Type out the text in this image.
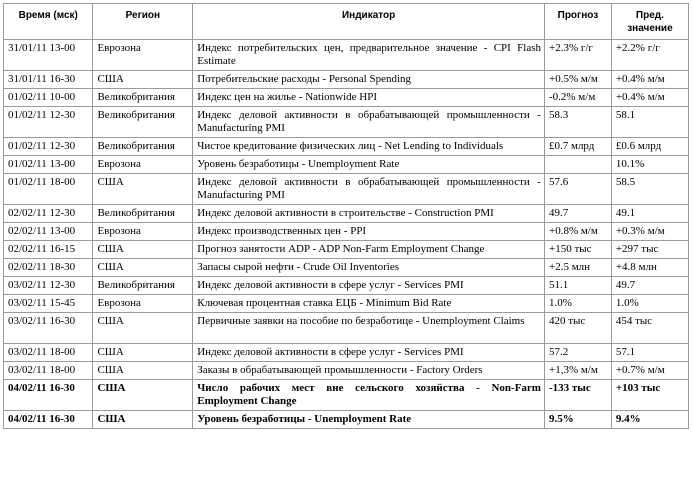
Время (мск)	Регион	Индикатор	Прогноз	Пред. значение
31/01/11 13-00	Еврозона	Индекс потребительских цен, предварительное значение - CPI Flash Estimate	+2.3% г/г	+2.2% г/г
31/01/11 16-30	США	Потребительские расходы - Personal Spending	+0.5% м/м	+0.4% м/м
01/02/11 10-00	Великобритания	Индекс цен на жилье - Nationwide HPI	-0.2% м/м	+0.4% м/м
01/02/11 12-30	Великобритания	Индекс деловой активности в обрабатывающей промышленности - Manufacturing PMI	58.3	58.1
01/02/11 12-30	Великобритания	Чистое кредитование физических лиц - Net Lending to Individuals	£0.7 млрд	£0.6 млрд
01/02/11 13-00	Еврозона	Уровень безработицы - Unemployment Rate		10.1%
01/02/11 18-00	США	Индекс деловой активности в обрабатывающей промышленности - Manufacturing PMI	57.6	58.5
02/02/11 12-30	Великобритания	Индекс деловой активности в строительстве - Construction PMI	49.7	49.1
02/02/11 13-00	Еврозона	Индекс производственных цен - PPI	+0.8% м/м	+0.3% м/м
02/02/11 16-15	США	Прогноз занятости ADP - ADP Non-Farm Employment Change	+150 тыс	+297 тыс
02/02/11 18-30	США	Запасы сырой нефти - Crude Oil Inventories	+2.5 млн	+4.8 млн
03/02/11 12-30	Великобритания	Индекс деловой активности в сфере услуг - Services PMI	51.1	49.7
03/02/11 15-45	Еврозона	Ключевая процентная ставка ЕЦБ - Minimum Bid Rate	1.0%	1.0%
03/02/11 16-30	США	Первичные заявки на пособие по безработице - Unemployment Claims	420 тыс	454 тыс
03/02/11 18-00	США	Индекс деловой активности в сфере услуг - Services PMI	57.2	57.1
03/02/11 18-00	США	Заказы в обрабатывающей промышленности - Factory Orders	+1,3% м/м	+0.7% м/м
04/02/11 16-30	США	Число рабочих мест вне сельского хозяйства - Non-Farm Employment Change	-133 тыс	+103 тыс
04/02/11 16-30	США	Уровень безработицы - Unemployment Rate	9.5%	9.4%
